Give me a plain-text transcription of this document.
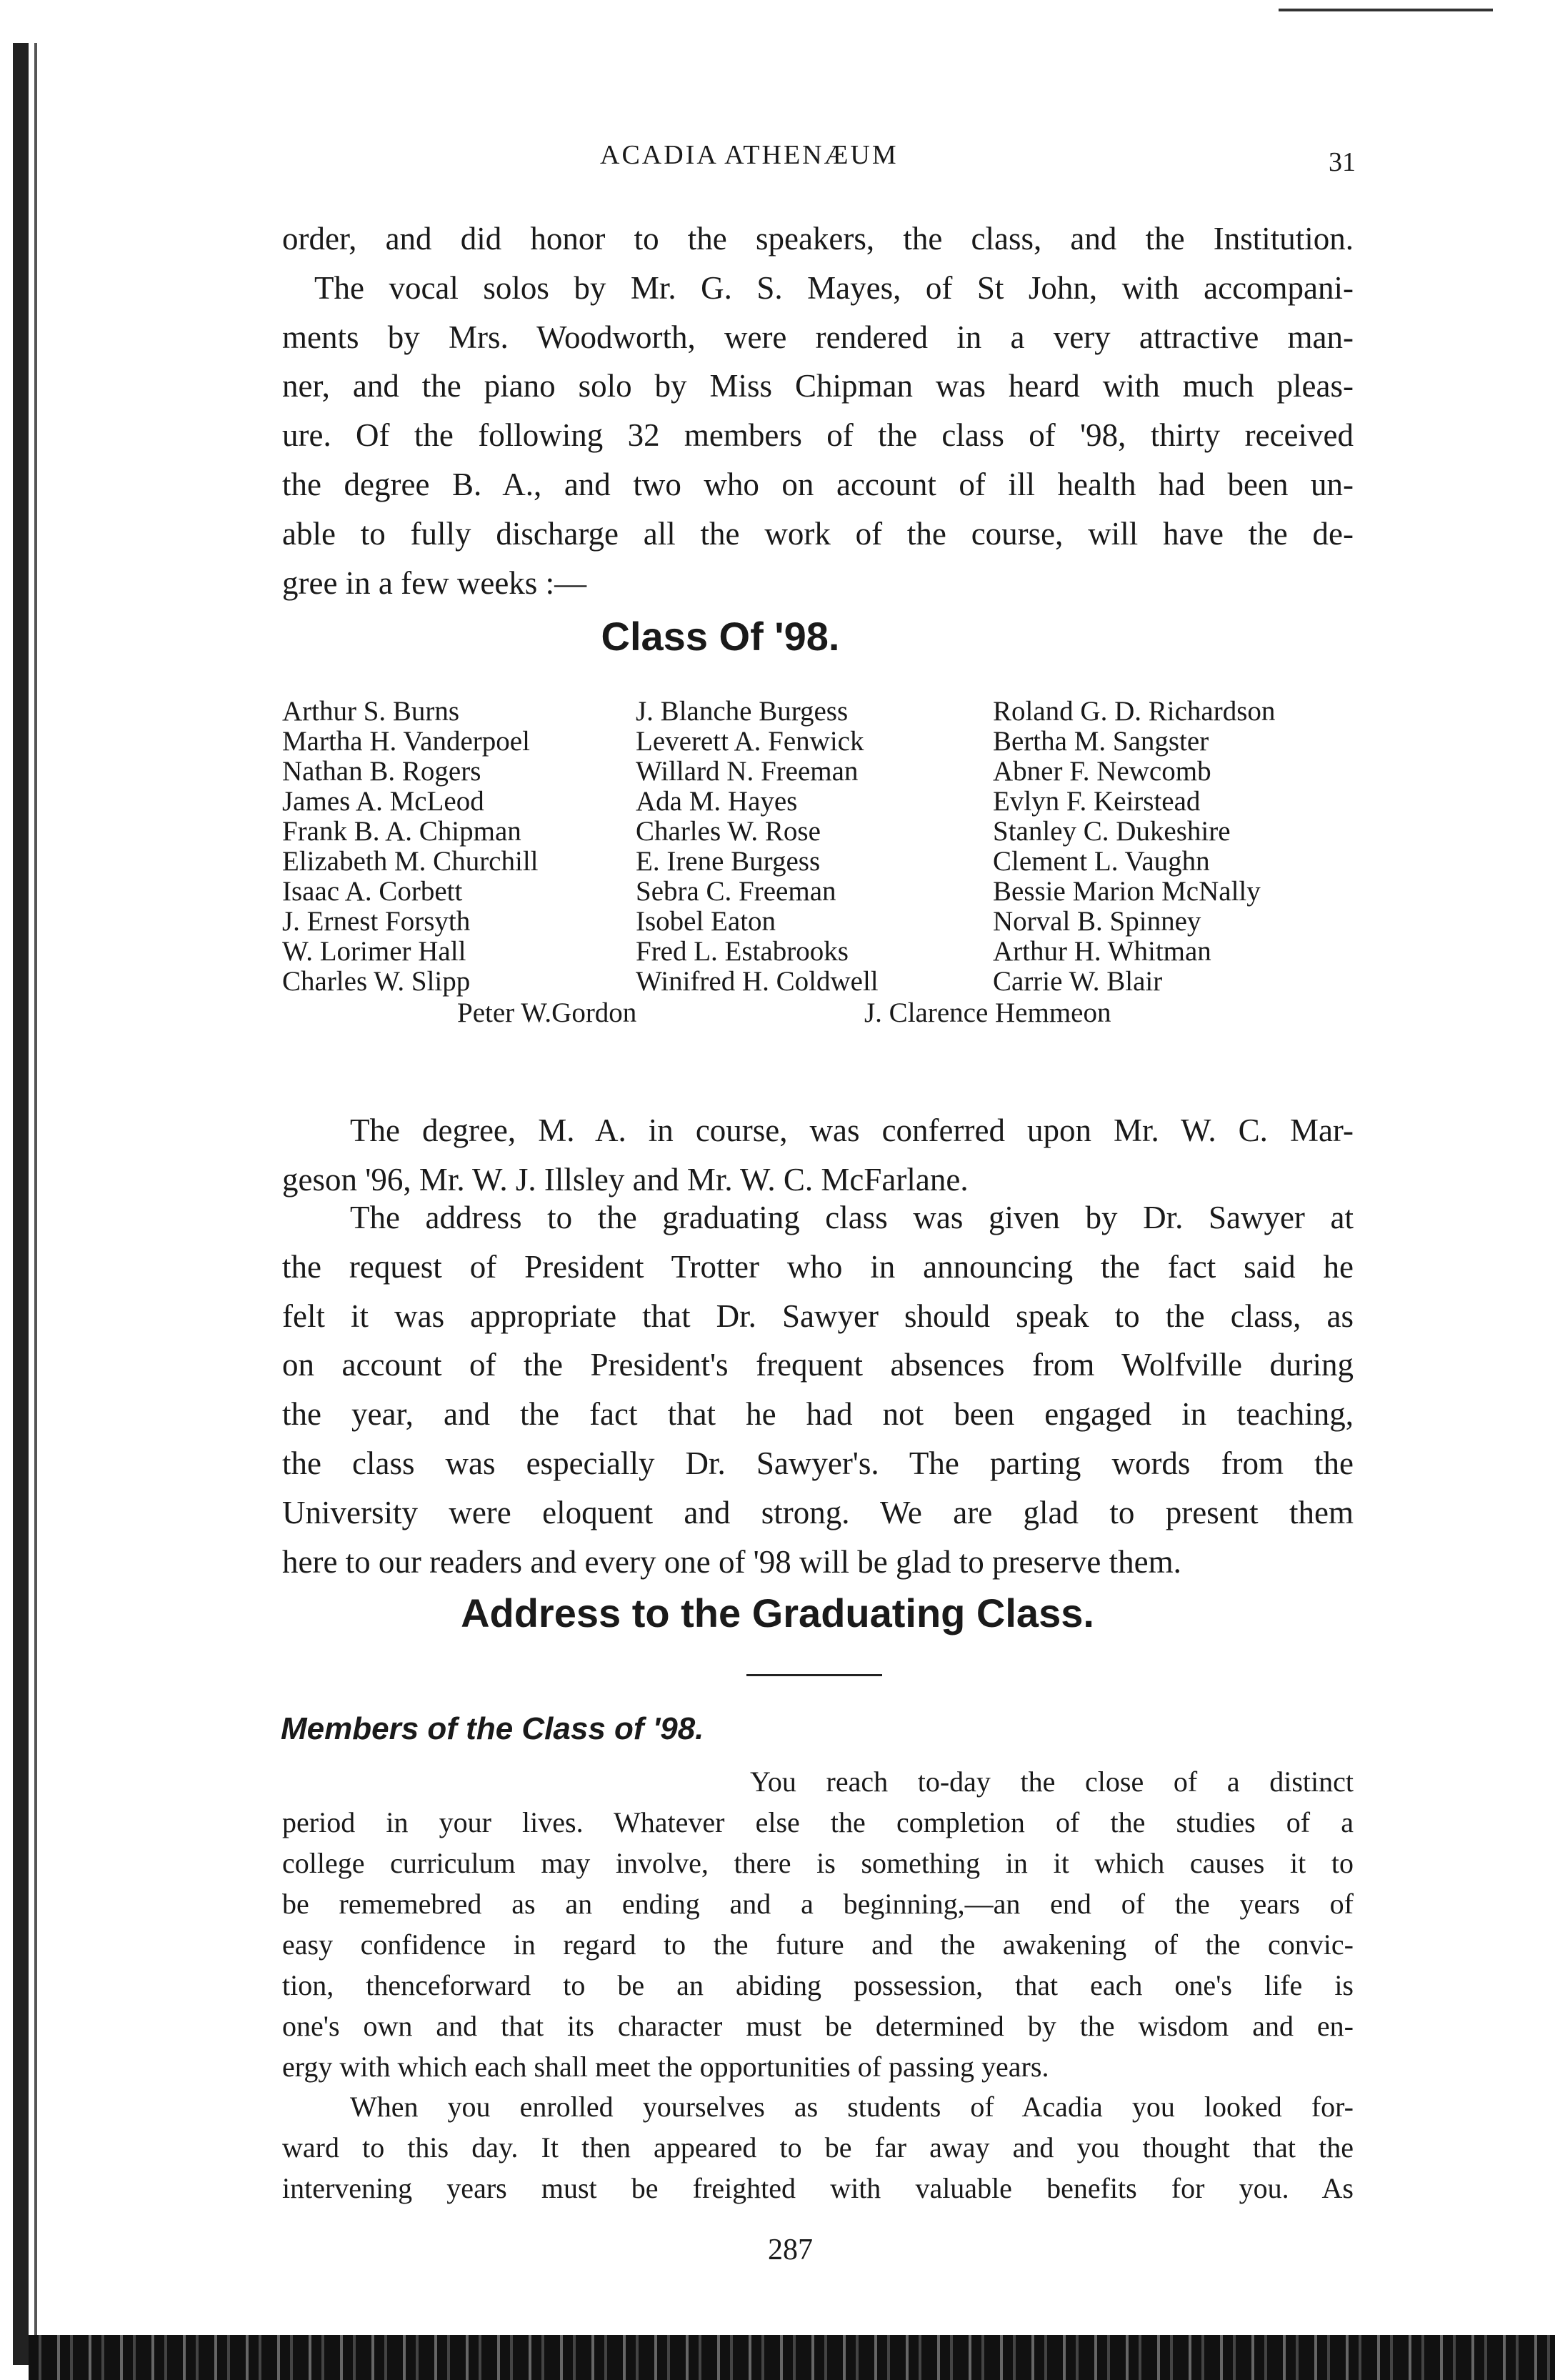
ACADIA ATHENÆUM	31

order, and did honor to the speakers, the class, and the Institution.
The vocal solos by Mr. G. S. Mayes, of St John, with accompani-
ments by Mrs. Woodworth, were rendered in a very attractive man-
ner, and the piano solo by Miss Chipman was heard with much pleas-
ure. Of the following 32 members of the class of '98, thirty received
the degree B. A., and two who on account of ill health had been un-
able to fully discharge all the work of the course, will have the de-
gree in a few weeks :—

Class Of '98.
Arthur S. Burns
Martha H. Vanderpoel
Nathan B. Rogers
James A. McLeod
Frank B. A. Chipman
Elizabeth M. Churchill
Isaac A. Corbett
J. Ernest Forsyth
W. Lorimer Hall
Charles W. Slipp
J. Blanche Burgess
Leverett A. Fenwick
Willard N. Freeman
Ada M. Hayes
Charles W. Rose
E. Irene Burgess
Sebra C. Freeman
Isobel Eaton
Fred L. Estabrooks
Winifred H. Coldwell
Roland G. D. Richardson
Bertha M. Sangster
Abner F. Newcomb
Evlyn F. Keirstead
Stanley C. Dukeshire
Clement L. Vaughn
Bessie Marion McNally
Norval B. Spinney
Arthur H. Whitman
Carrie W. Blair
Peter W.Gordon	J. Clarence Hemmeon

The degree, M. A. in course, was conferred upon Mr. W. C. Mar-
geson '96, Mr. W. J. Illsley and Mr. W. C. McFarlane.

The address to the graduating class was given by Dr. Sawyer at
the request of President Trotter who in announcing the fact said he
felt it was appropriate that Dr. Sawyer should speak to the class, as
on account of the President's frequent absences from Wolfville during
the year, and the fact that he had not been engaged in teaching,
the class was especially Dr. Sawyer's. The parting words from the
University were eloquent and strong. We are glad to present them
here to our readers and every one of '98 will be glad to preserve them.

Address to the Graduating Class.
Members of the Class of '98.

You reach to-day the close of a distinct
period in your lives. Whatever else the completion of the studies of a
college curriculum may involve, there is something in it which causes it to
be rememebred as an ending and a beginning,—an end of the years of
easy confidence in regard to the future and the awakening of the convic-
tion, thenceforward to be an abiding possession, that each one's life is
one's own and that its character must be determined by the wisdom and en-
ergy with which each shall meet the opportunities of passing years.

When you enrolled yourselves as students of Acadia you looked for-
ward to this day. It then appeared to be far away and you thought that the
intervening years must be freighted with valuable benefits for you. As

287
